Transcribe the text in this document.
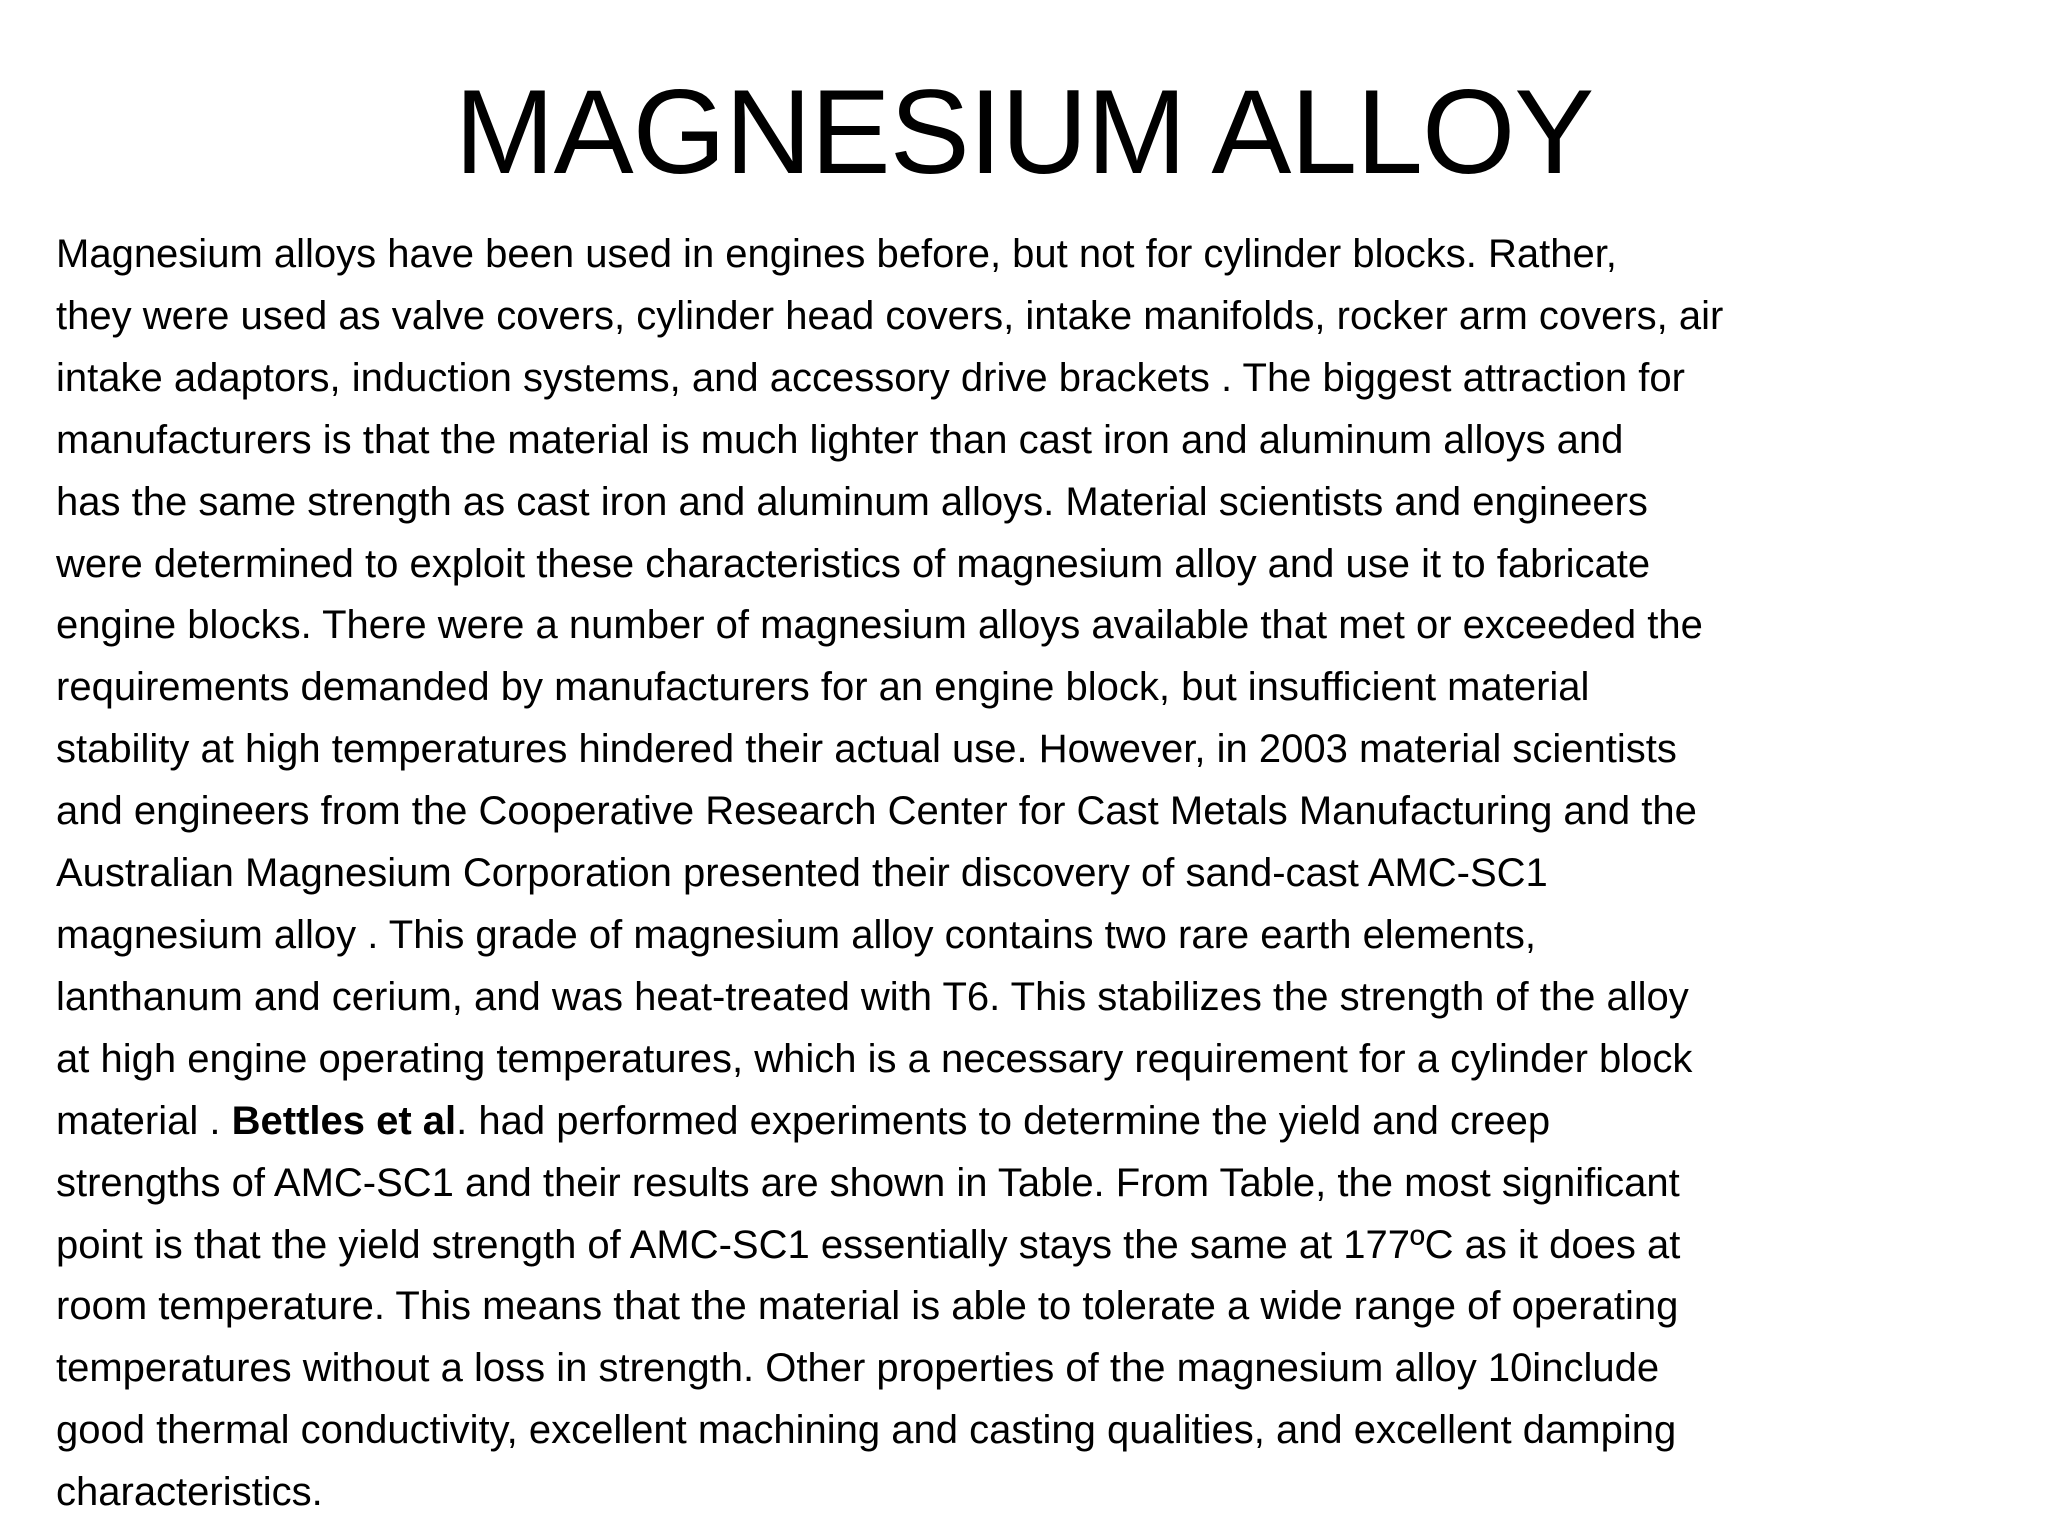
MAGNESIUM ALLOY
Magnesium alloys have been used in engines before, but not for cylinder blocks. Rather,
they were used as valve covers, cylinder head covers, intake manifolds, rocker arm covers, air
intake adaptors, induction systems, and accessory drive brackets . The biggest attraction for
manufacturers is that the material is much lighter than cast iron and aluminum alloys and
has the same strength as cast iron and aluminum alloys. Material scientists and engineers
were determined to exploit these characteristics of magnesium alloy and use it to fabricate
engine blocks. There were a number of magnesium alloys available that met or exceeded the
requirements demanded by manufacturers for an engine block, but insufficient material
stability at high temperatures hindered their actual use. However, in 2003 material scientists
and engineers from the Cooperative Research Center for Cast Metals Manufacturing and the
Australian Magnesium Corporation presented their discovery of sand-cast AMC-SC1
magnesium alloy . This grade of magnesium alloy contains two rare earth elements,
lanthanum and cerium, and was heat-treated with T6. This stabilizes the strength of the alloy
at high engine operating temperatures, which is a necessary requirement for a cylinder block
material . Bettles et al. had performed experiments to determine the yield and creep
strengths of AMC-SC1 and their results are shown in Table. From Table, the most significant
point is that the yield strength of AMC-SC1 essentially stays the same at 177ºC as it does at
room temperature. This means that the material is able to tolerate a wide range of operating
temperatures without a loss in strength. Other properties of the magnesium alloy 10include
good thermal conductivity, excellent machining and casting qualities, and excellent damping
characteristics.
